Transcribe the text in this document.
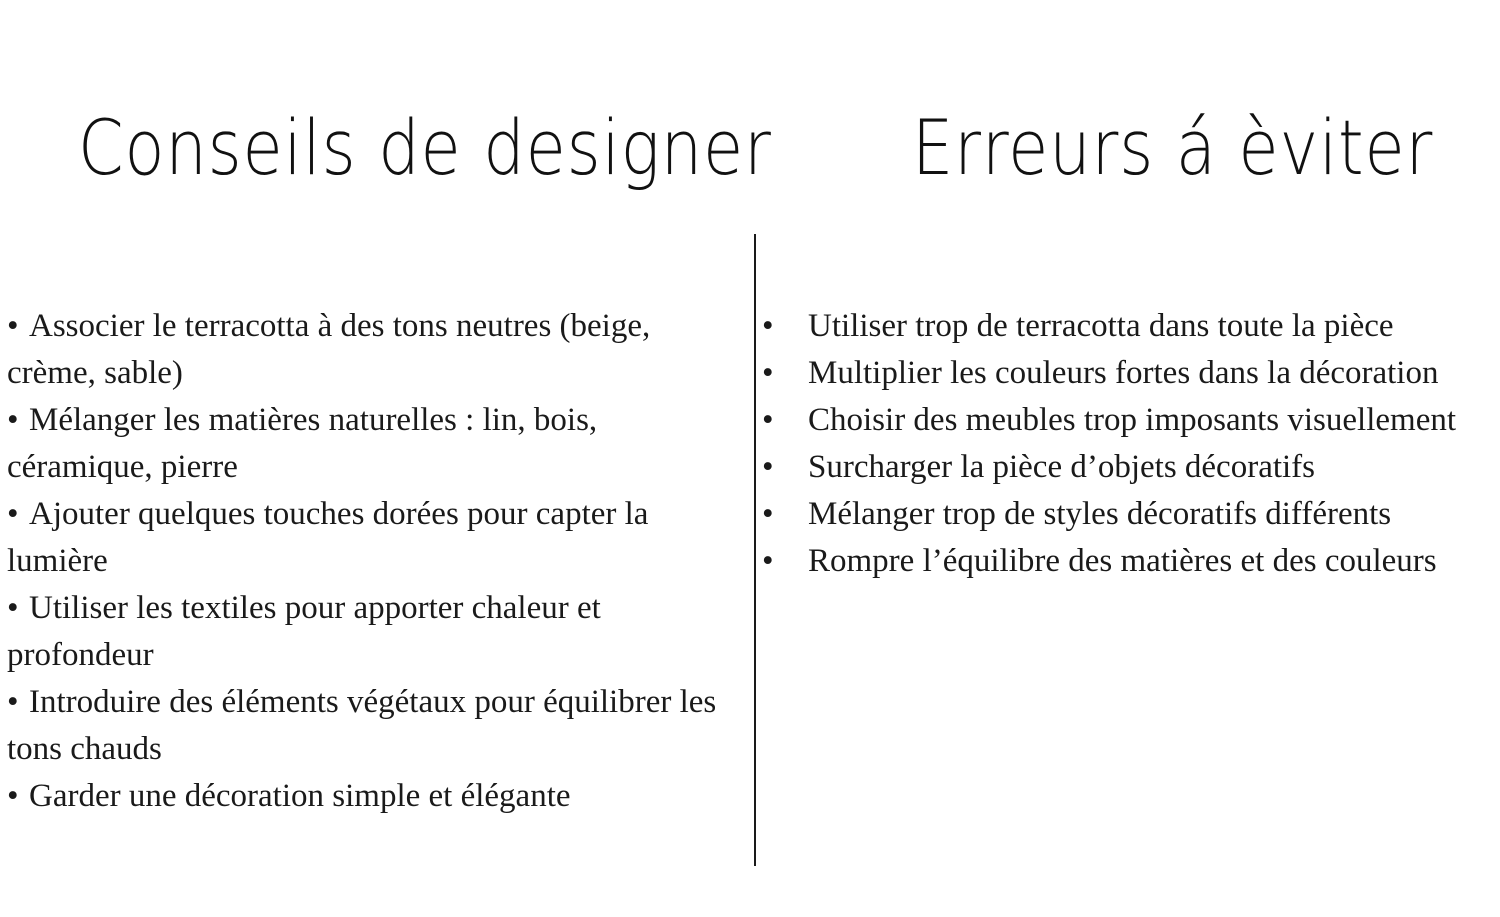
Conseils de designer Erreurs á èviter
• Associer le terracotta à des tons neutres (beige, crème, sable)
• Mélanger les matières naturelles : lin, bois, céramique, pierre
• Ajouter quelques touches dorées pour capter la lumière
• Utiliser les textiles pour apporter chaleur et profondeur
• Introduire des éléments végétaux pour équilibrer les tons chauds
• Garder une décoration simple et élégante
• Utiliser trop de terracotta dans toute la pièce
• Multiplier les couleurs fortes dans la décoration
• Choisir des meubles trop imposants visuellement
• Surcharger la pièce d’objets décoratifs
• Mélanger trop de styles décoratifs différents
• Rompre l’équilibre des matières et des couleurs
